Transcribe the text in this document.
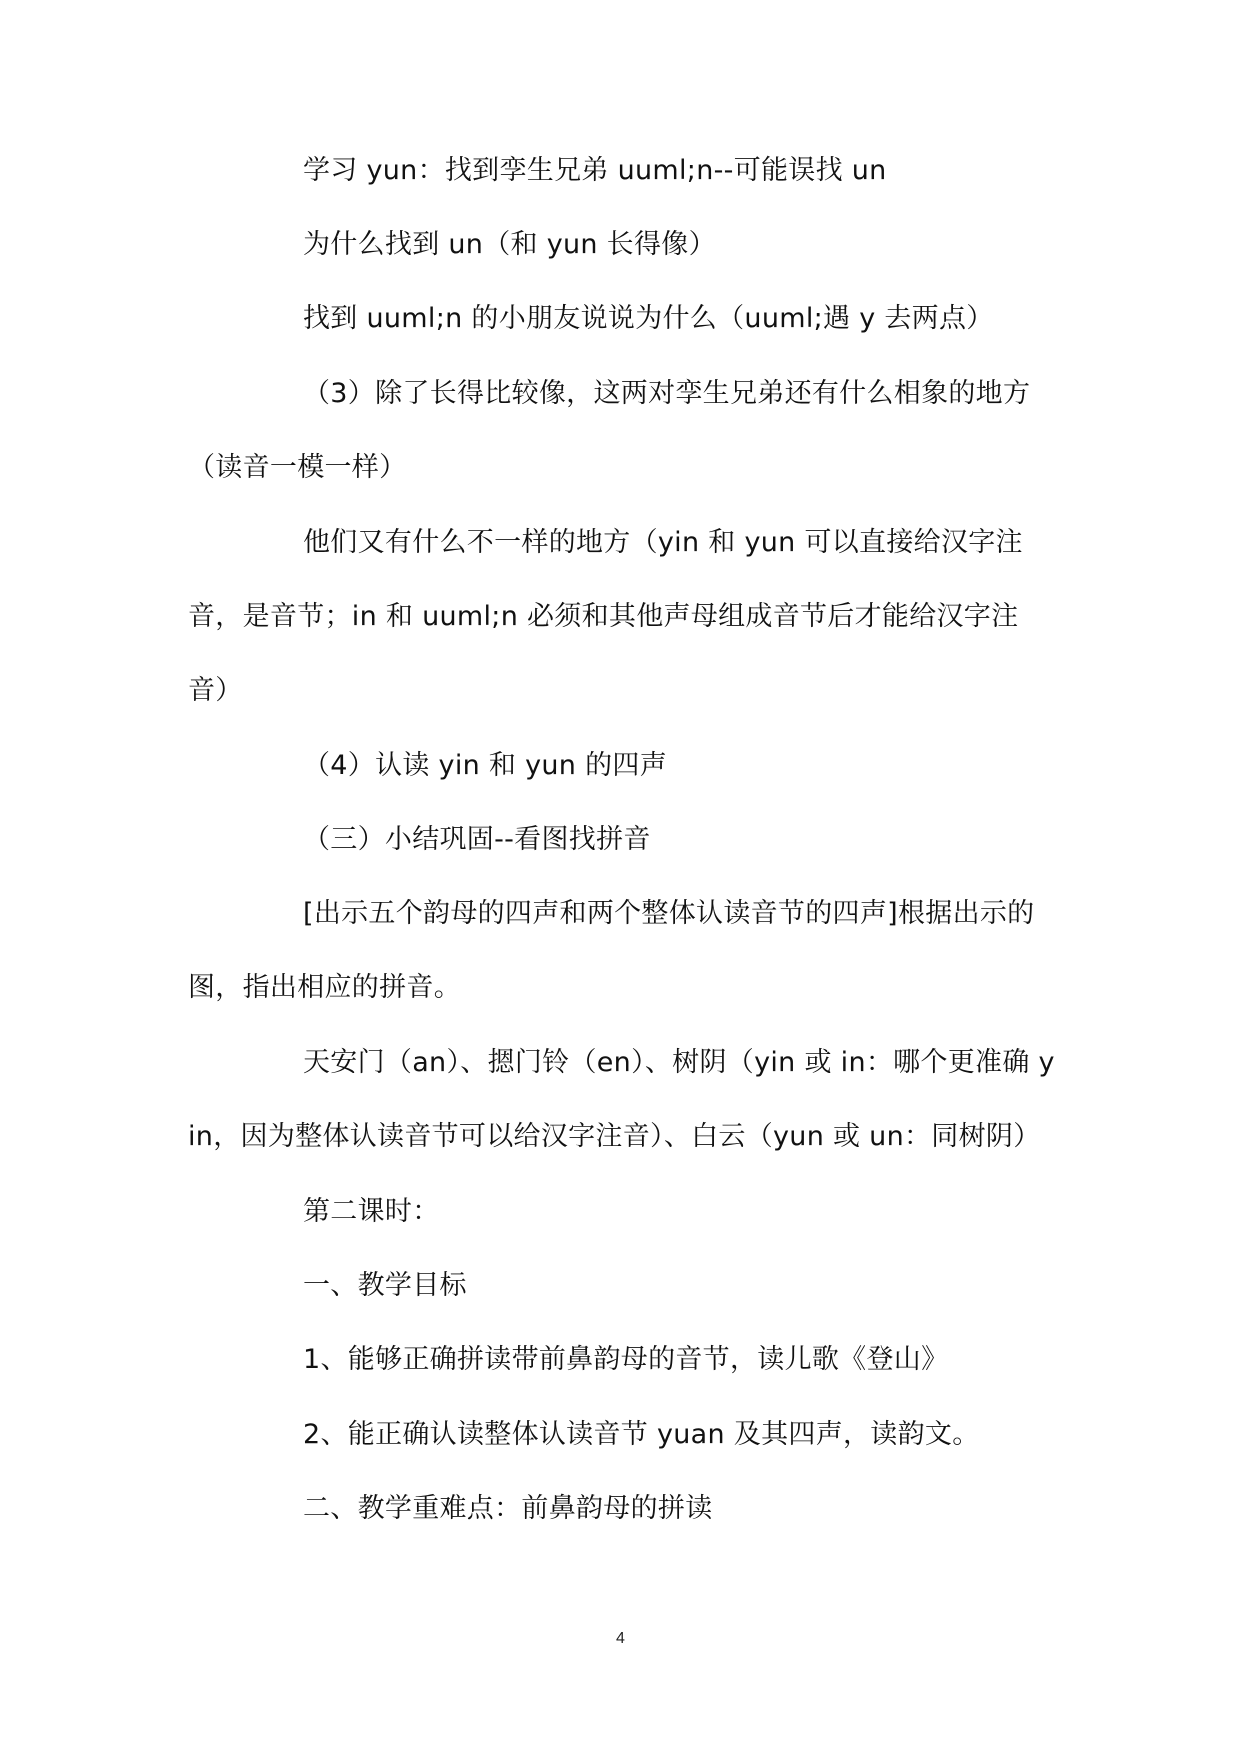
学习 yun：找到孪生兄弟 uuml;n--可能误找 un

为什么找到 un（和 yun 长得像）

找到 uuml;n 的小朋友说说为什么（uuml;遇 y 去两点）

（3）除了长得比较像，这两对孪生兄弟还有什么相象的地方（读音一模一样）

他们又有什么不一样的地方（yin 和 yun 可以直接给汉字注音，是音节；in 和 uuml;n 必须和其他声母组成音节后才能给汉字注音）

（4）认读 yin 和 yun 的四声

（三）小结巩固--看图找拼音

[出示五个韵母的四声和两个整体认读音节的四声]根据出示的图，指出相应的拼音。

天安门（an）、摁门铃（en）、树阴（yin 或 in：哪个更准确 yin，因为整体认读音节可以给汉字注音）、白云（yun 或 un：同树阴）

第二课时：

一、教学目标

1、能够正确拼读带前鼻韵母的音节，读儿歌《登山》

2、能正确认读整体认读音节 yuan 及其四声，读韵文。

二、教学重难点：前鼻韵母的拼读

4
